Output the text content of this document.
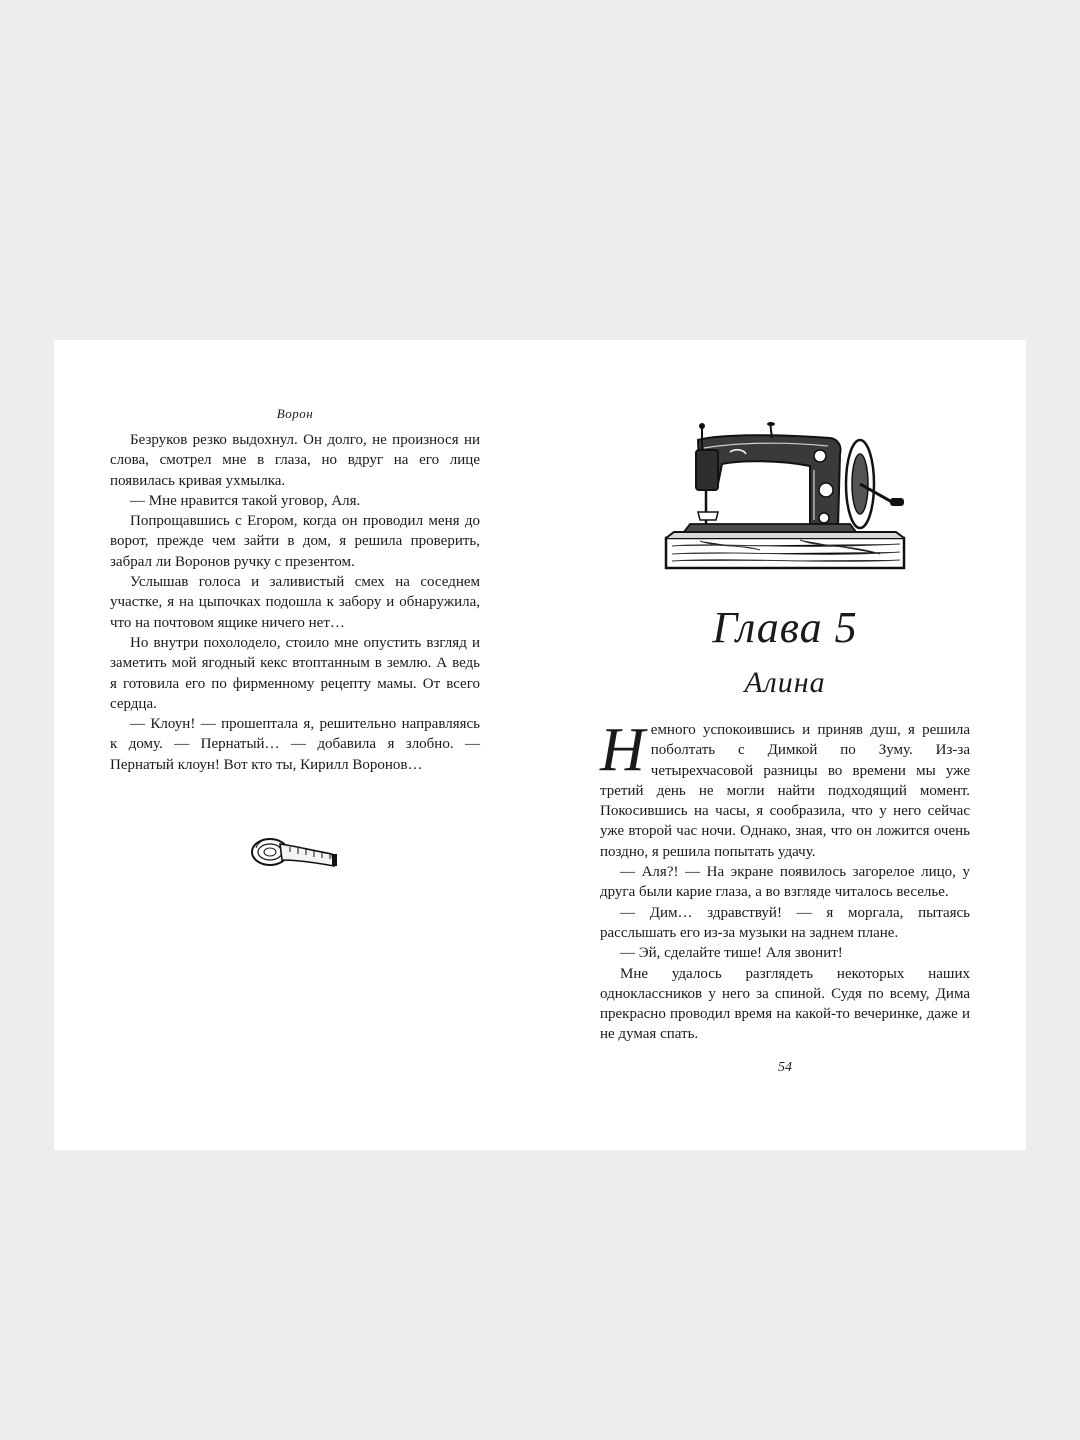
Ворон

Безруков резко выдохнул. Он долго, не произнося ни слова, смотрел мне в глаза, но вдруг на его лице появилась кривая ухмылка.

— Мне нравится такой уговор, Аля.

Попрощавшись с Егором, когда он проводил меня до ворот, прежде чем зайти в дом, я решила проверить, забрал ли Воронов ручку с презентом.

Услышав голоса и заливистый смех на соседнем участке, я на цыпочках подошла к забору и обнаружила, что на почтовом ящике ничего нет…

Но внутри похолодело, стоило мне опустить взгляд и заметить мой ягодный кекс втоптанным в землю. А ведь я готовила его по фирменному рецепту мамы. От всего сердца.

— Клоун! — прошептала я, решительно направляясь к дому. — Пернатый… — добавила я злобно. — Пернатый клоун! Вот кто ты, Кирилл Воронов…

Глава 5
Алина

Немного успокоившись и приняв душ, я решила поболтать с Димкой по Зуму. Из-за четырехчасовой разницы во времени мы уже третий день не могли найти подходящий момент. Покосившись на часы, я сообразила, что у него сейчас уже второй час ночи. Однако, зная, что он ложится очень поздно, я решила попытать удачу.

— Аля?! — На экране появилось загорелое лицо, у друга были карие глаза, а во взгляде читалось веселье.

— Дим… здравствуй! — я моргала, пытаясь расслышать его из-за музыки на заднем плане.

— Эй, сделайте тише! Аля звонит!

Мне удалось разглядеть некоторых наших одноклассников у него за спиной. Судя по всему, Дима прекрасно проводил время на какой-то вечеринке, даже и не думая спать.

54
